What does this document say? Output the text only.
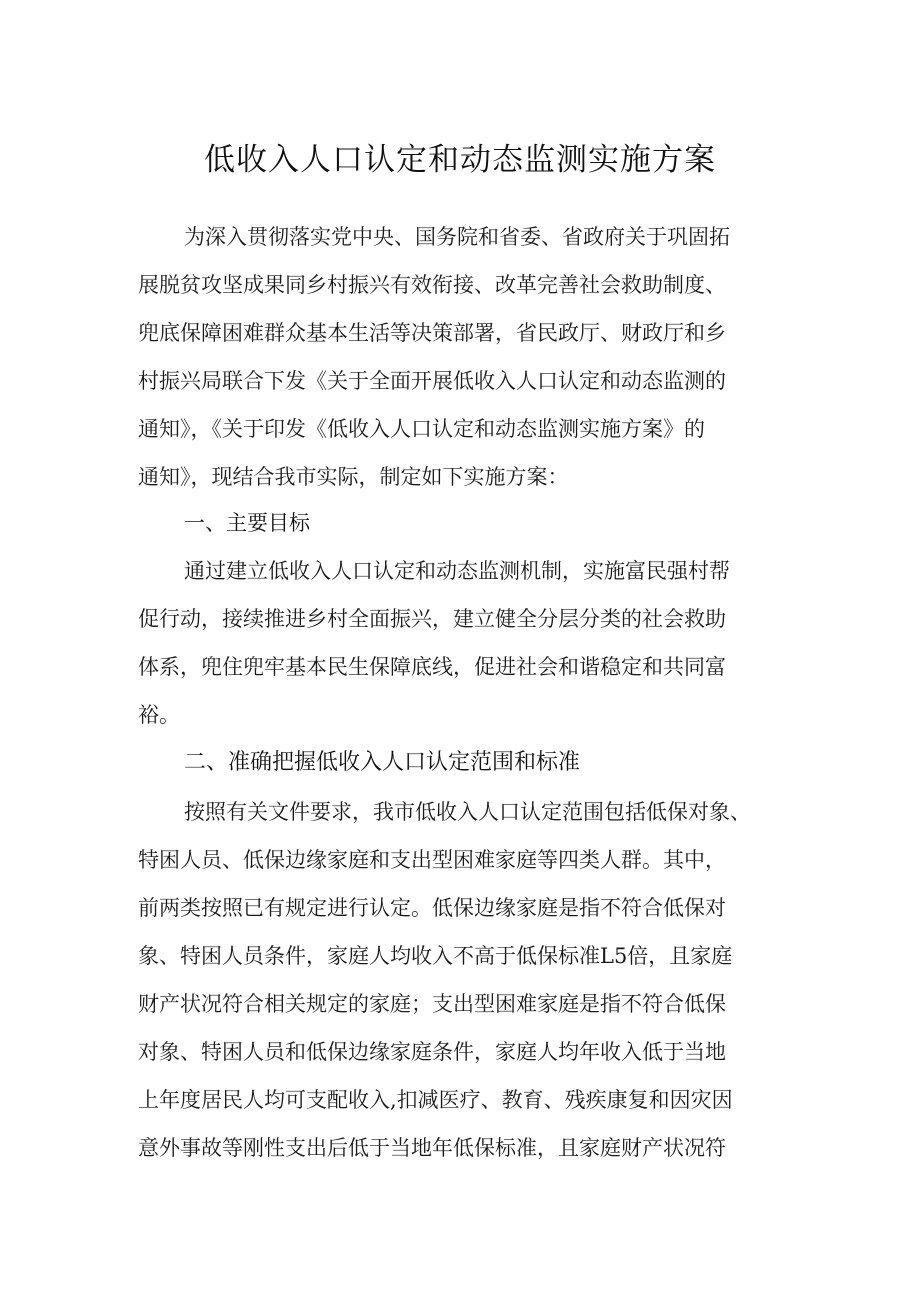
低收入人口认定和动态监测实施方案
为深入贯彻落实党中央、国务院和省委、省政府关于巩固拓
展脱贫攻坚成果同乡村振兴有效衔接、改革完善社会救助制度、
兜底保障困难群众基本生活等决策部署，省民政厅、财政厅和乡
村振兴局联合下发《关于全面开展低收入人口认定和动态监测的
通知》，《关于印发《低收入人口认定和动态监测实施方案》的
通知》，现结合我市实际，制定如下实施方案：
一、主要目标
通过建立低收入人口认定和动态监测机制，实施富民强村帮
促行动，接续推进乡村全面振兴，建立健全分层分类的社会救助
体系，兜住兜牢基本民生保障底线，促进社会和谐稳定和共同富
裕。
二、准确把握低收入人口认定范围和标准
按照有关文件要求，我市低收入人口认定范围包括低保对象、
特困人员、低保边缘家庭和支出型困难家庭等四类人群。其中，
前两类按照已有规定进行认定。低保边缘家庭是指不符合低保对
象、特困人员条件，家庭人均收入不高于低保标准L5倍，且家庭
财产状况符合相关规定的家庭；支出型困难家庭是指不符合低保
对象、特困人员和低保边缘家庭条件，家庭人均年收入低于当地
上年度居民人均可支配收入,扣减医疗、教育、残疾康复和因灾因
意外事故等刚性支出后低于当地年低保标准，且家庭财产状况符
